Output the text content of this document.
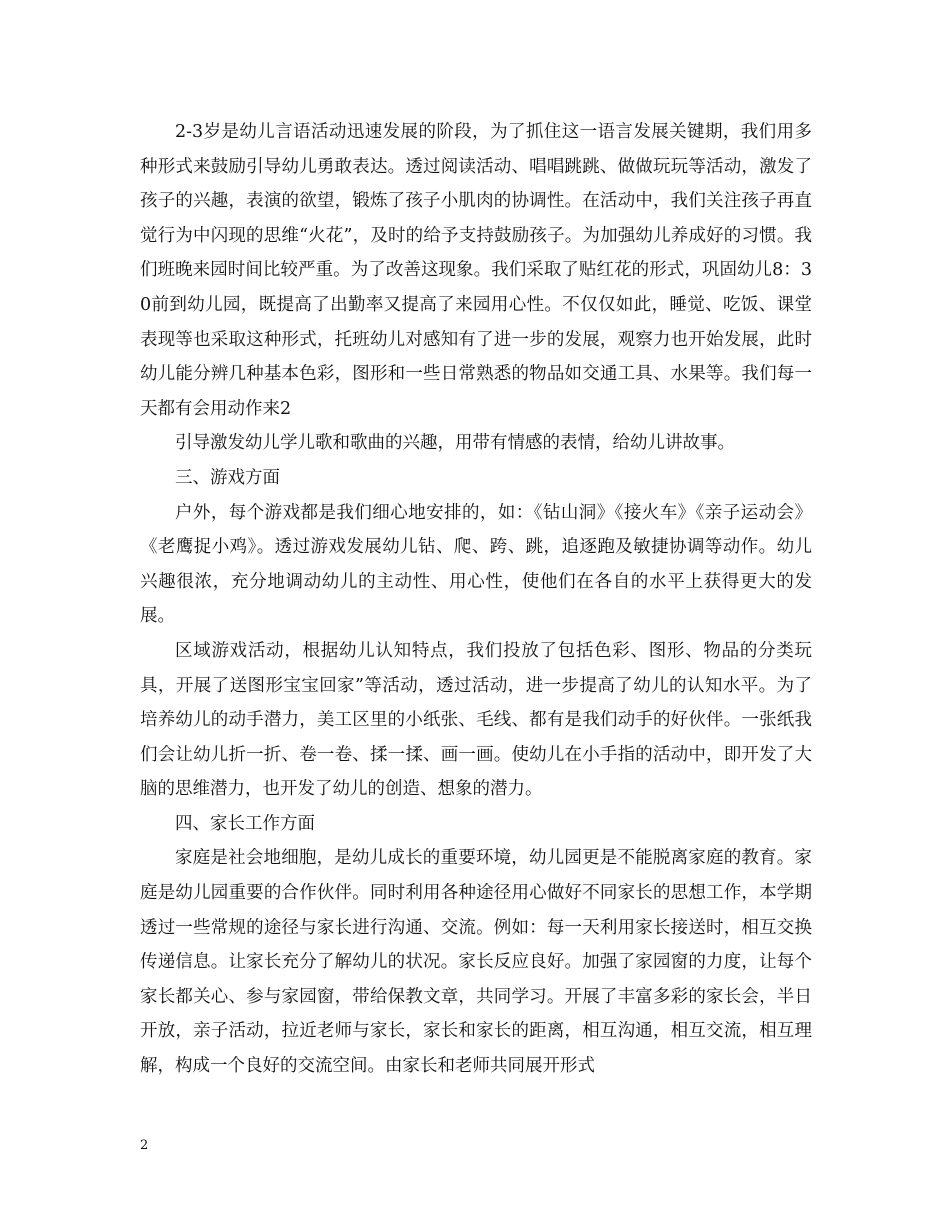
2-3岁是幼儿言语活动迅速发展的阶段，为了抓住这一语言发展关键期，我们用多种形式来鼓励引导幼儿勇敢表达。透过阅读活动、唱唱跳跳、做做玩玩等活动，激发了孩子的兴趣，表演的欲望，锻炼了孩子小肌肉的协调性。在活动中，我们关注孩子再直觉行为中闪现的思维“火花”，及时的给予支持鼓励孩子。为加强幼儿养成好的习惯。我们班晚来园时间比较严重。为了改善这现象。我们采取了贴红花的形式，巩固幼儿8：30前到幼儿园，既提高了出勤率又提高了来园用心性。不仅仅如此，睡觉、吃饭、课堂表现等也采取这种形式，托班幼儿对感知有了进一步的发展，观察力也开始发展，此时幼儿能分辨几种基本色彩，图形和一些日常熟悉的物品如交通工具、水果等。我们每一天都有会用动作来2

引导激发幼儿学儿歌和歌曲的兴趣，用带有情感的表情，给幼儿讲故事。

三、游戏方面

户外，每个游戏都是我们细心地安排的，如：《钻山洞》《接火车》《亲子运动会》《老鹰捉小鸡》。透过游戏发展幼儿钻、爬、跨、跳，追逐跑及敏捷协调等动作。幼儿兴趣很浓，充分地调动幼儿的主动性、用心性，使他们在各自的水平上获得更大的发展。

区域游戏活动，根据幼儿认知特点，我们投放了包括色彩、图形、物品的分类玩具，开展了送图形宝宝回家”等活动，透过活动，进一步提高了幼儿的认知水平。为了培养幼儿的动手潜力，美工区里的小纸张、毛线、都有是我们动手的好伙伴。一张纸我们会让幼儿折一折、卷一卷、揉一揉、画一画。使幼儿在小手指的活动中，即开发了大脑的思维潜力，也开发了幼儿的创造、想象的潜力。

四、家长工作方面

家庭是社会地细胞，是幼儿成长的重要环境，幼儿园更是不能脱离家庭的教育。家庭是幼儿园重要的合作伙伴。同时利用各种途径用心做好不同家长的思想工作，本学期透过一些常规的途径与家长进行沟通、交流。例如：每一天利用家长接送时，相互交换传递信息。让家长充分了解幼儿的状况。家长反应良好。加强了家园窗的力度，让每个家长都关心、参与家园窗，带给保教文章，共同学习。开展了丰富多彩的家长会，半日开放，亲子活动，拉近老师与家长，家长和家长的距离，相互沟通，相互交流，相互理解，构成一个良好的交流空间。由家长和老师共同展开形式

2
